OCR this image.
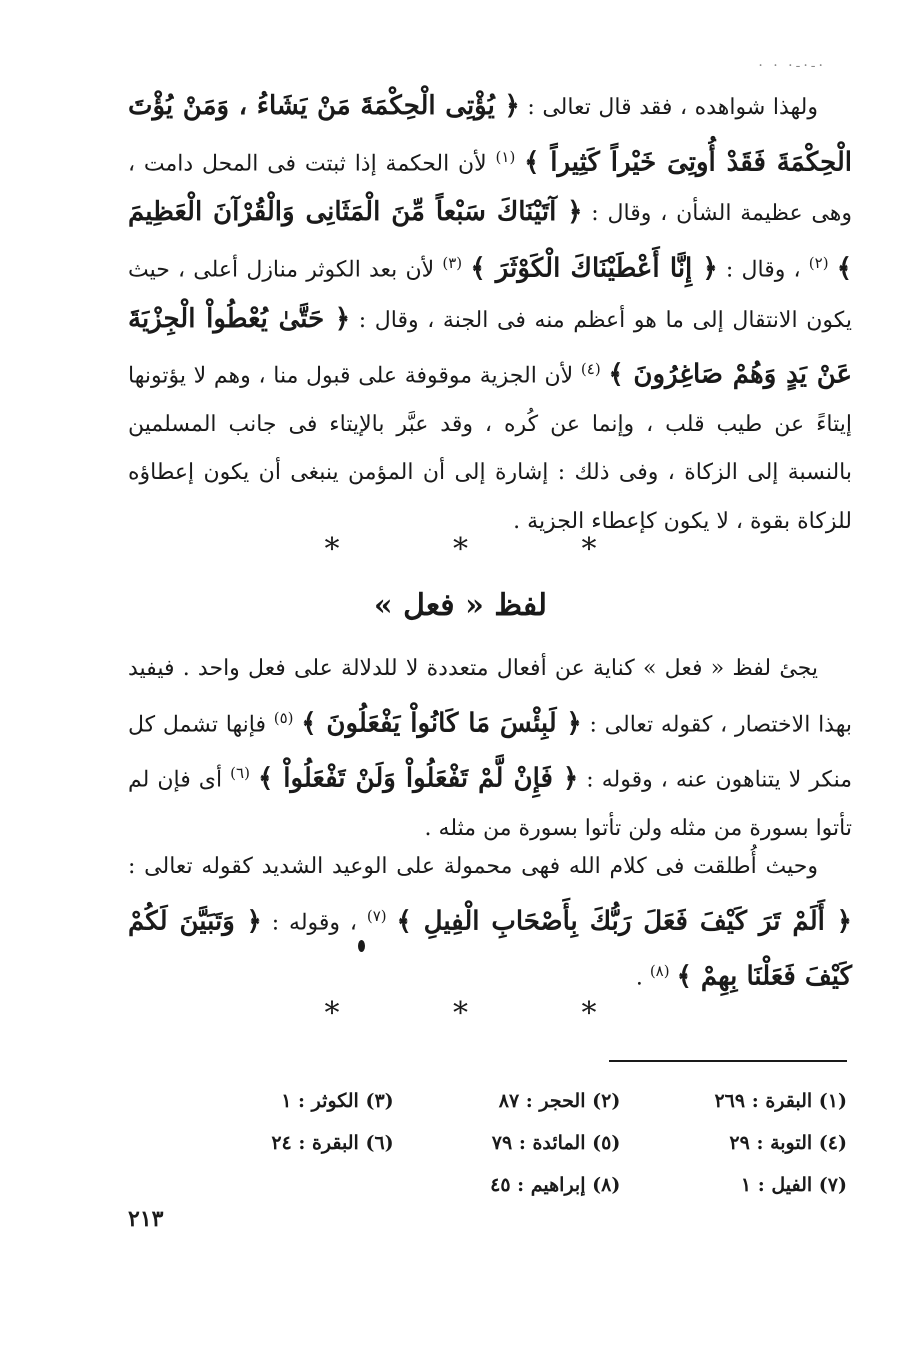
· · ·-·-·

ولهذا شواهده ، فقد قال تعالى : ﴿ يُؤْتِى الْحِكْمَةَ مَنْ يَشَاءُ ، وَمَنْ يُؤْتَ الْحِكْمَةَ فَقَدْ أُوتِىَ خَيْراً كَثِيراً ﴾ $^{(١)}$ لأن الحكمة إذا ثبتت فى المحل دامت ، وهى عظيمة الشأن ، وقال : ﴿ آتَيْنَاكَ سَبْعاً مِّنَ الْمَثَانِى وَالْقُرْآنَ الْعَظِيمَ ﴾ $^{(٢)}$ ، وقال : ﴿ إِنَّا أَعْطَيْنَاكَ الْكَوْثَرَ ﴾ $^{(٣)}$ لأن بعد الكوثر منازل أعلى ، حيث يكون الانتقال إلى ما هو أعظم منه فى الجنة ، وقال : ﴿ حَتَّىٰ يُعْطُواْ الْجِزْيَةَ عَنْ يَدٍ وَهُمْ صَاغِرُونَ ﴾ $^{(٤)}$ لأن الجزية موقوفة على قبول منا ، وهم لا يؤتونها إيتاءً عن طيب قلب ، وإنما عن كُره ، وقد عبَّر بالإيتاء فى جانب المسلمين بالنسبة إلى الزكاة ، وفى ذلك : إشارة إلى أن المؤمن ينبغى أن يكون إعطاؤه للزكاة بقوة ، لا يكون كإعطاء الجزية .

* * *
لفظ « فعل »

يجئ لفظ « فعل » كناية عن أفعال متعددة لا للدلالة على فعل واحد . فيفيد بهذا الاختصار ، كقوله تعالى : ﴿ لَبِئْسَ مَا كَانُواْ يَفْعَلُونَ ﴾ $^{(٥)}$ فإنها تشمل كل منكر لا يتناهون عنه ، وقوله : ﴿ فَإِنْ لَّمْ تَفْعَلُواْ وَلَنْ تَفْعَلُواْ ﴾ $^{(٦)}$ أى فإن لم تأتوا بسورة من مثله ولن تأتوا بسورة من مثله .

وحيث أُطلقت فى كلام الله فهى محمولة على الوعيد الشديد كقوله تعالى : ﴿ أَلَمْ تَرَ كَيْفَ فَعَلَ رَبُّكَ بِأَصْحَابِ الْفِيلِ ﴾ $^{(٧)}$ ، وقوله : ﴿ وَتَبَيَّنَ لَكُمْ كَيْفَ فَعَلْنَا بِهِمْ ﴾ $^{(٨)}$ .

* * *
(١) البقرة : ٢٦٩
(٢) الحجر : ٨٧
(٣) الكوثر : ١
(٤) التوبة : ٢٩
(٥) المائدة : ٧٩
(٦) البقرة : ٢٤
(٧) الفيل : ١
(٨) إبراهيم : ٤٥
٢١٣
